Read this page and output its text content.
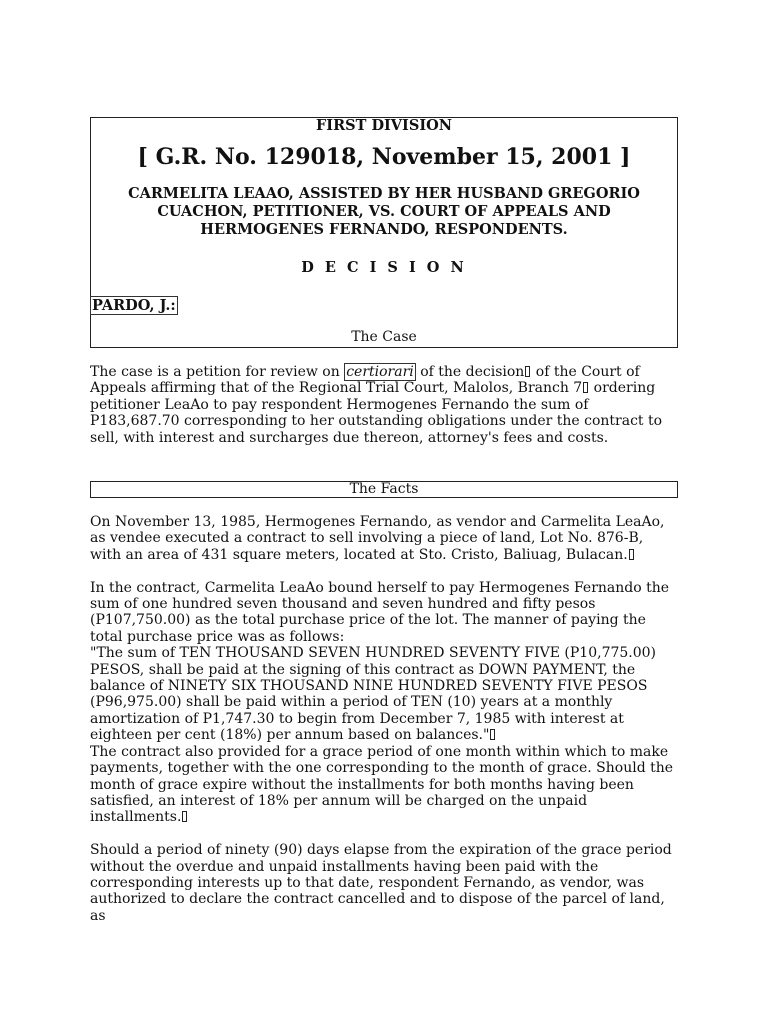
FIRST DIVISION
[ G.R. No. 129018, November 15, 2001 ]
CARMELITA LEAAO, ASSISTED BY HER HUSBAND GREGORIO CUACHON, PETITIONER, VS. COURT OF APPEALS AND HERMOGENES FERNANDO, RESPONDENTS.
D E C I S I O N
PARDO, J.:
The Case

The case is a petition for review on certiorari of the decision of the Court of Appeals affirming that of the Regional Trial Court, Malolos, Branch 7 ordering petitioner LeaAo to pay respondent Hermogenes Fernando the sum of P183,687.70 corresponding to her outstanding obligations under the contract to sell, with interest and surcharges due thereon, attorney's fees and costs.

The Facts

On November 13, 1985, Hermogenes Fernando, as vendor and Carmelita LeaAo, as vendee executed a contract to sell involving a piece of land, Lot No. 876-B, with an area of 431 square meters, located at Sto. Cristo, Baliuag, Bulacan.

In the contract, Carmelita LeaAo bound herself to pay Hermogenes Fernando the sum of one hundred seven thousand and seven hundred and fifty pesos (P107,750.00) as the total purchase price of the lot. The manner of paying the total purchase price was as follows:

"The sum of TEN THOUSAND SEVEN HUNDRED SEVENTY FIVE (P10,775.00) PESOS, shall be paid at the signing of this contract as DOWN PAYMENT, the balance of NINETY SIX THOUSAND NINE HUNDRED SEVENTY FIVE PESOS (P96,975.00) shall be paid within a period of TEN (10) years at a monthly amortization of P1,747.30 to begin from December 7, 1985 with interest at eighteen per cent (18%) per annum based on balances."

The contract also provided for a grace period of one month within which to make payments, together with the one corresponding to the month of grace. Should the month of grace expire without the installments for both months having been satisfied, an interest of 18% per annum will be charged on the unpaid installments.

Should a period of ninety (90) days elapse from the expiration of the grace period without the overdue and unpaid installments having been paid with the corresponding interests up to that date, respondent Fernando, as vendor, was authorized to declare the contract cancelled and to dispose of the parcel of land, as
